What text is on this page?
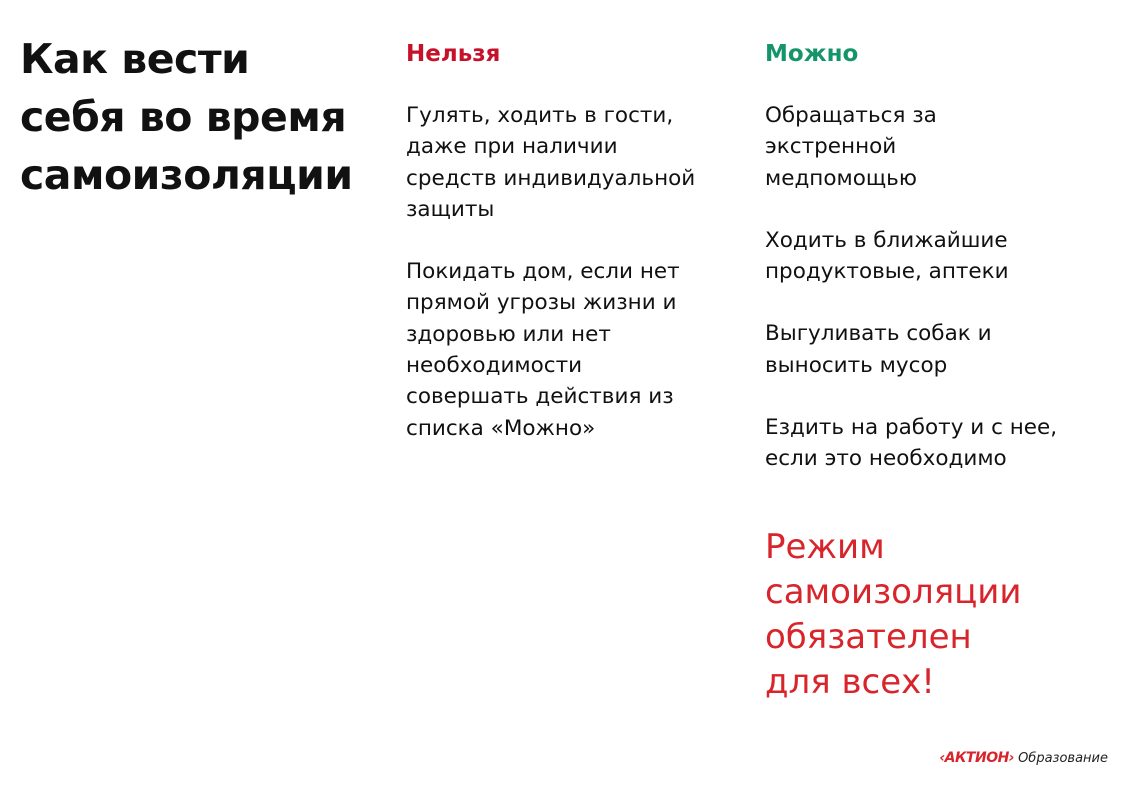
Как вести
себя во время
самоизоляции
Нельзя
Гулять, ходить в гости,
даже при наличии
средств индивидуальной
защиты
Покидать дом, если нет
прямой угрозы жизни и
здоровью или нет
необходимости
совершать действия из
списка «Можно»
Можно
Обращаться за
экстренной
медпомощью
Ходить в ближайшие
продуктовые, аптеки
Выгуливать собак и
выносить мусор
Ездить на работу и с нее,
если это необходимо
Режим
самоизоляции
обязателен
для всех!
‹АКТИОН› Образование
